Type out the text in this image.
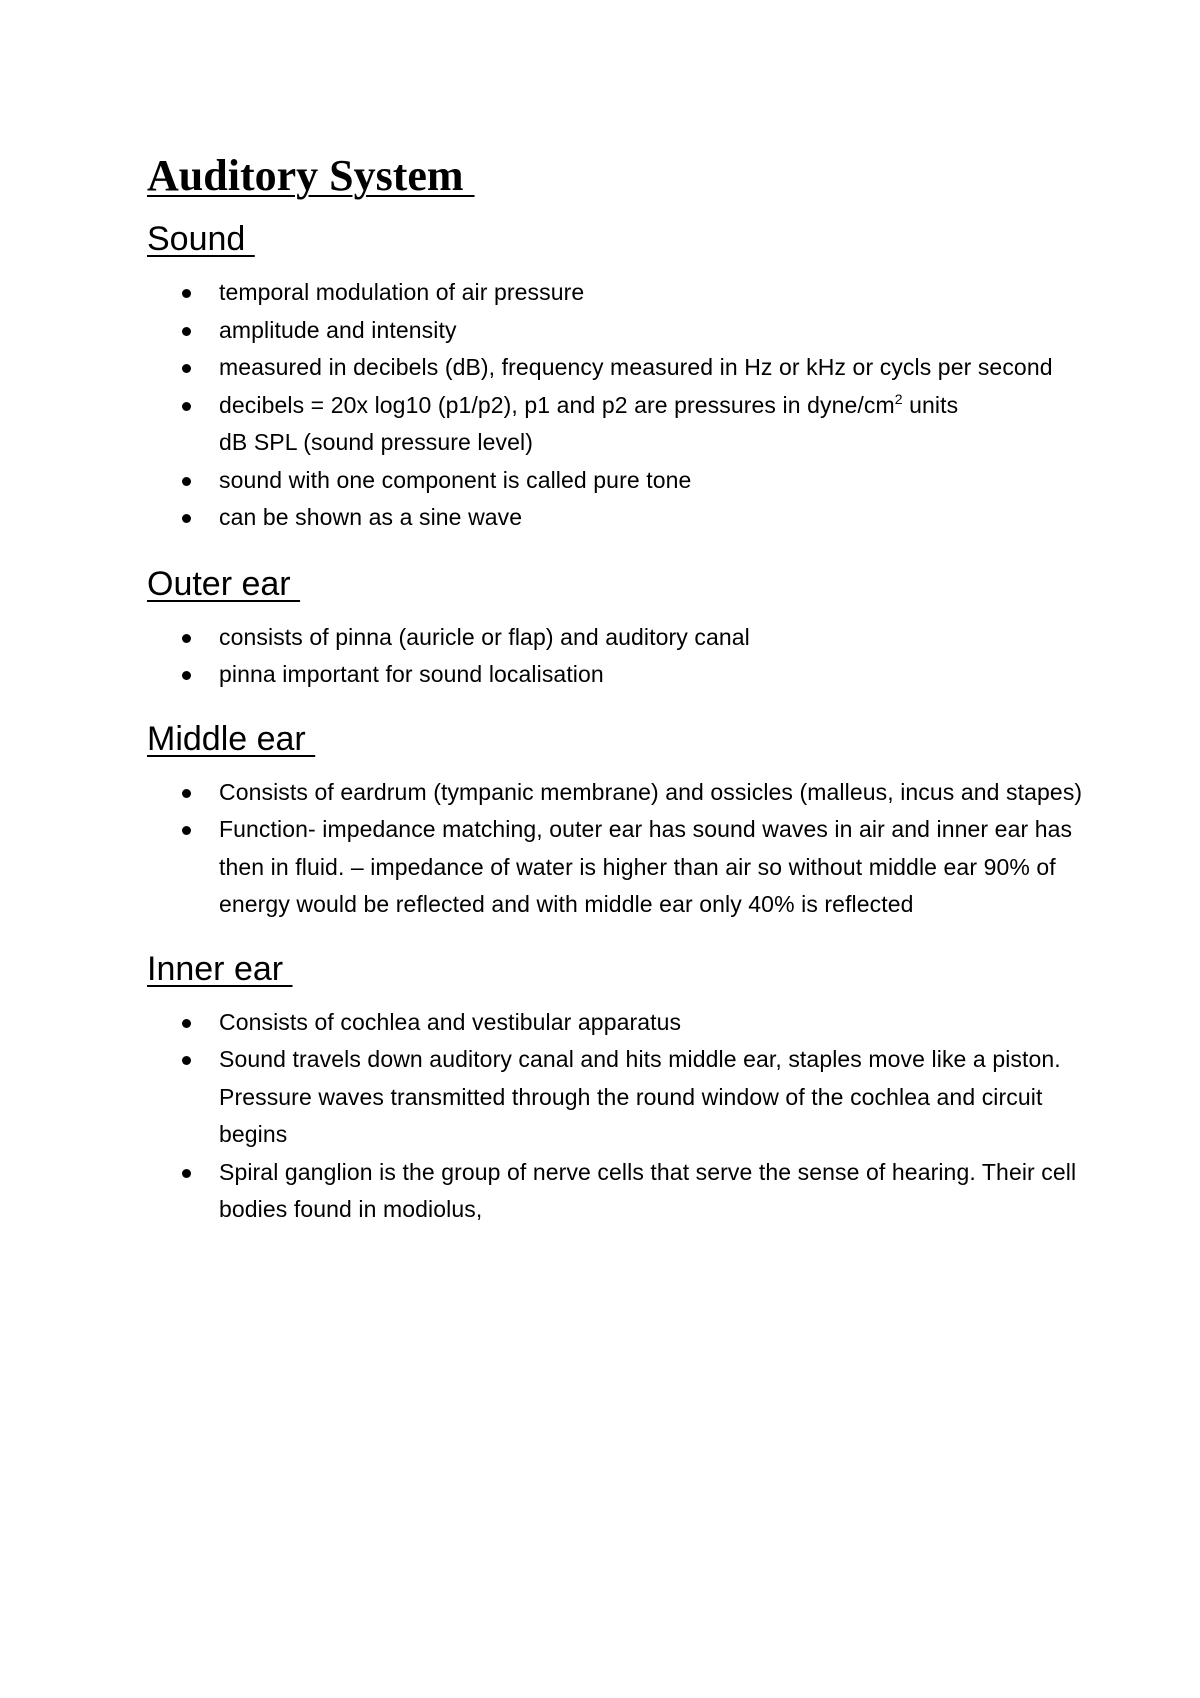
Auditory System
Sound
temporal modulation of air pressure
amplitude and intensity
measured in decibels (dB), frequency measured in Hz or kHz or cycls per second
decibels = 20x log10 (p1/p2), p1 and p2 are pressures in dyne/$cm^2$ units
dB SPL (sound pressure level)
sound with one component is called pure tone
can be shown as a sine wave
Outer ear
consists of pinna (auricle or flap) and auditory canal
pinna important for sound localisation
Middle ear
Consists of eardrum (tympanic membrane) and ossicles (malleus, incus and stapes)
Function- impedance matching, outer ear has sound waves in air and inner ear has then in fluid. – impedance of water is higher than air so without middle ear 90% of energy would be reflected and with middle ear only 40% is reflected
Inner ear
Consists of cochlea and vestibular apparatus
Sound travels down auditory canal and hits middle ear, staples move like a piston. Pressure waves transmitted through the round window of the cochlea and circuit begins
Spiral ganglion is the group of nerve cells that serve the sense of hearing. Their cell bodies found in modiolus,
